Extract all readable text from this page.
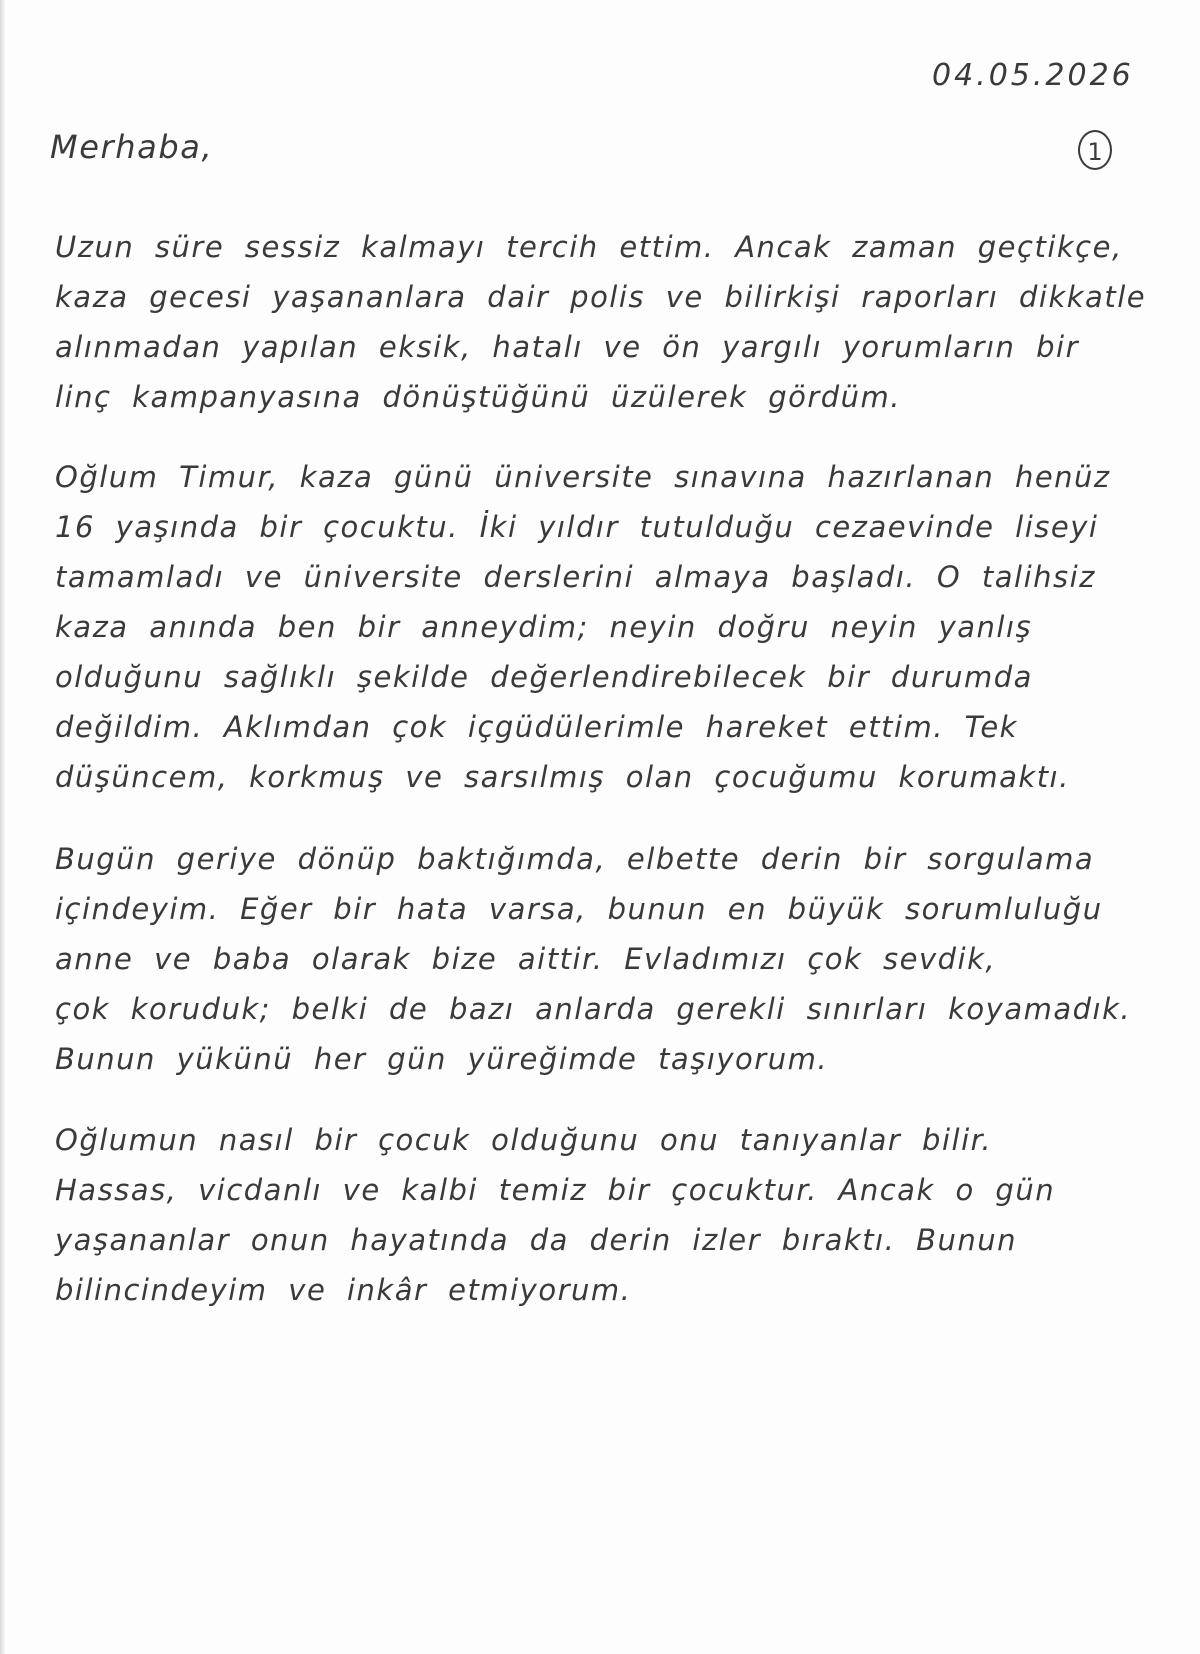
04.05.2026
1
Merhaba,
Uzun süre sessiz kalmayı tercih ettim. Ancak zaman geçtikçe,
kaza gecesi yaşananlara dair polis ve bilirkişi raporları dikkatle
alınmadan yapılan eksik, hatalı ve ön yargılı yorumların bir
linç kampanyasına dönüştüğünü üzülerek gördüm.
Oğlum Timur, kaza günü üniversite sınavına hazırlanan henüz
16 yaşında bir çocuktu. İki yıldır tutulduğu cezaevinde liseyi
tamamladı ve üniversite derslerini almaya başladı. O talihsiz
kaza anında ben bir anneydim; neyin doğru neyin yanlış
olduğunu sağlıklı şekilde değerlendirebilecek bir durumda
değildim. Aklımdan çok içgüdülerimle hareket ettim. Tek
düşüncem, korkmuş ve sarsılmış olan çocuğumu korumaktı.
Bugün geriye dönüp baktığımda, elbette derin bir sorgulama
içindeyim. Eğer bir hata varsa, bunun en büyük sorumluluğu
anne ve baba olarak bize aittir. Evladımızı çok sevdik,
çok koruduk; belki de bazı anlarda gerekli sınırları koyamadık.
Bunun yükünü her gün yüreğimde taşıyorum.
Oğlumun nasıl bir çocuk olduğunu onu tanıyanlar bilir.
Hassas, vicdanlı ve kalbi temiz bir çocuktur. Ancak o gün
yaşananlar onun hayatında da derin izler bıraktı. Bunun
bilincindeyim ve inkâr etmiyorum.
